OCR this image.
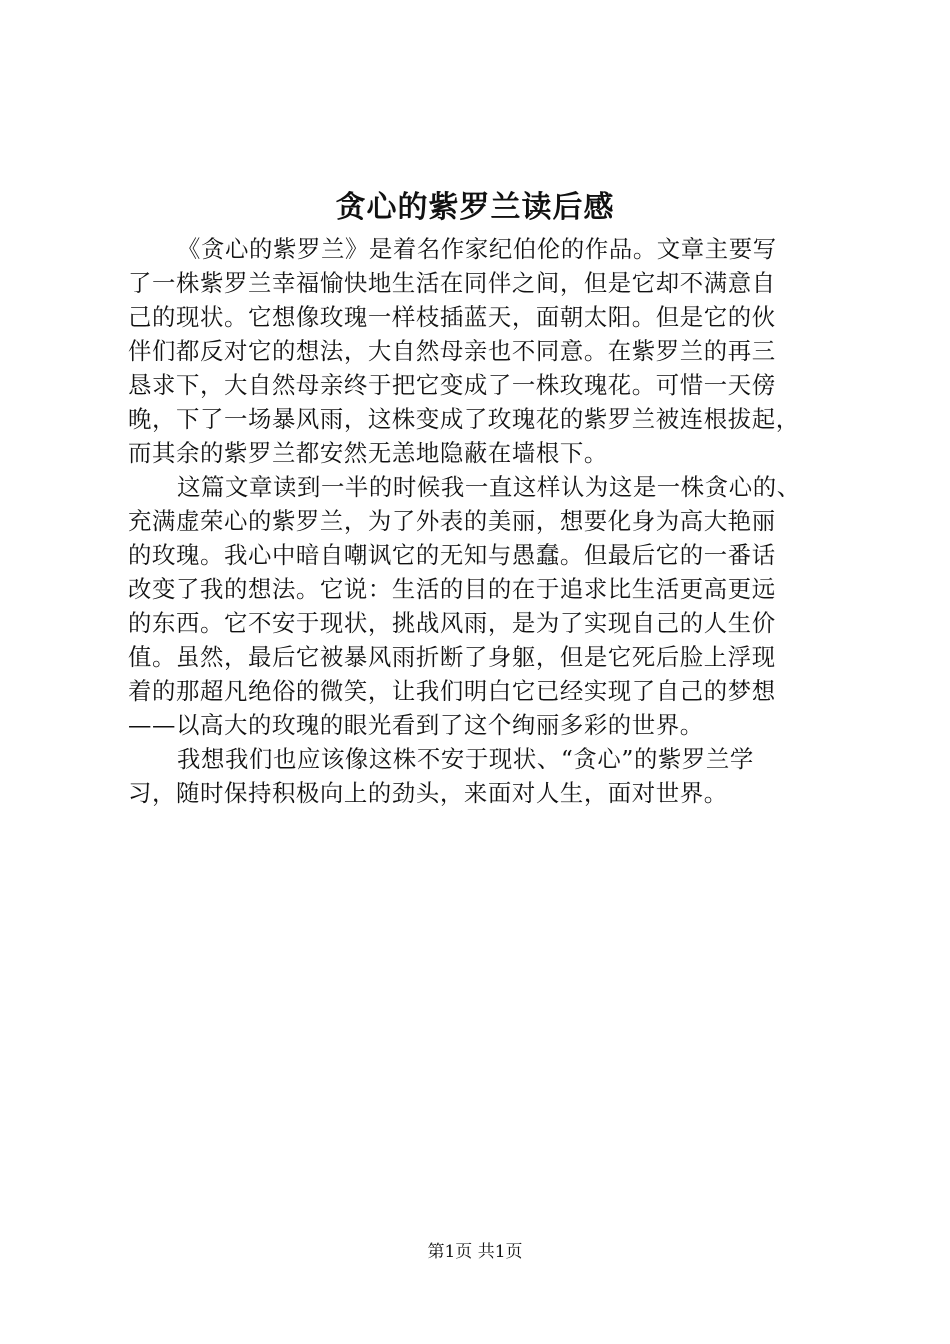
贪心的紫罗兰读后感
《贪心的紫罗兰》是着名作家纪伯伦的作品。文章主要写
了一株紫罗兰幸福愉快地生活在同伴之间，但是它却不满意自
己的现状。它想像玫瑰一样枝插蓝天，面朝太阳。但是它的伙
伴们都反对它的想法，大自然母亲也不同意。在紫罗兰的再三
恳求下，大自然母亲终于把它变成了一株玫瑰花。可惜一天傍
晚，下了一场暴风雨，这株变成了玫瑰花的紫罗兰被连根拔起，
而其余的紫罗兰都安然无恙地隐蔽在墙根下。
这篇文章读到一半的时候我一直这样认为这是一株贪心的、
充满虚荣心的紫罗兰，为了外表的美丽，想要化身为高大艳丽
的玫瑰。我心中暗自嘲讽它的无知与愚蠢。但最后它的一番话
改变了我的想法。它说：生活的目的在于追求比生活更高更远
的东西。它不安于现状，挑战风雨，是为了实现自己的人生价
值。虽然，最后它被暴风雨折断了身躯，但是它死后脸上浮现
着的那超凡绝俗的微笑，让我们明白它已经实现了自己的梦想
——以高大的玫瑰的眼光看到了这个绚丽多彩的世界。
我想我们也应该像这株不安于现状、“贪心”的紫罗兰学
习，随时保持积极向上的劲头，来面对人生，面对世界。
第1页 共1页
